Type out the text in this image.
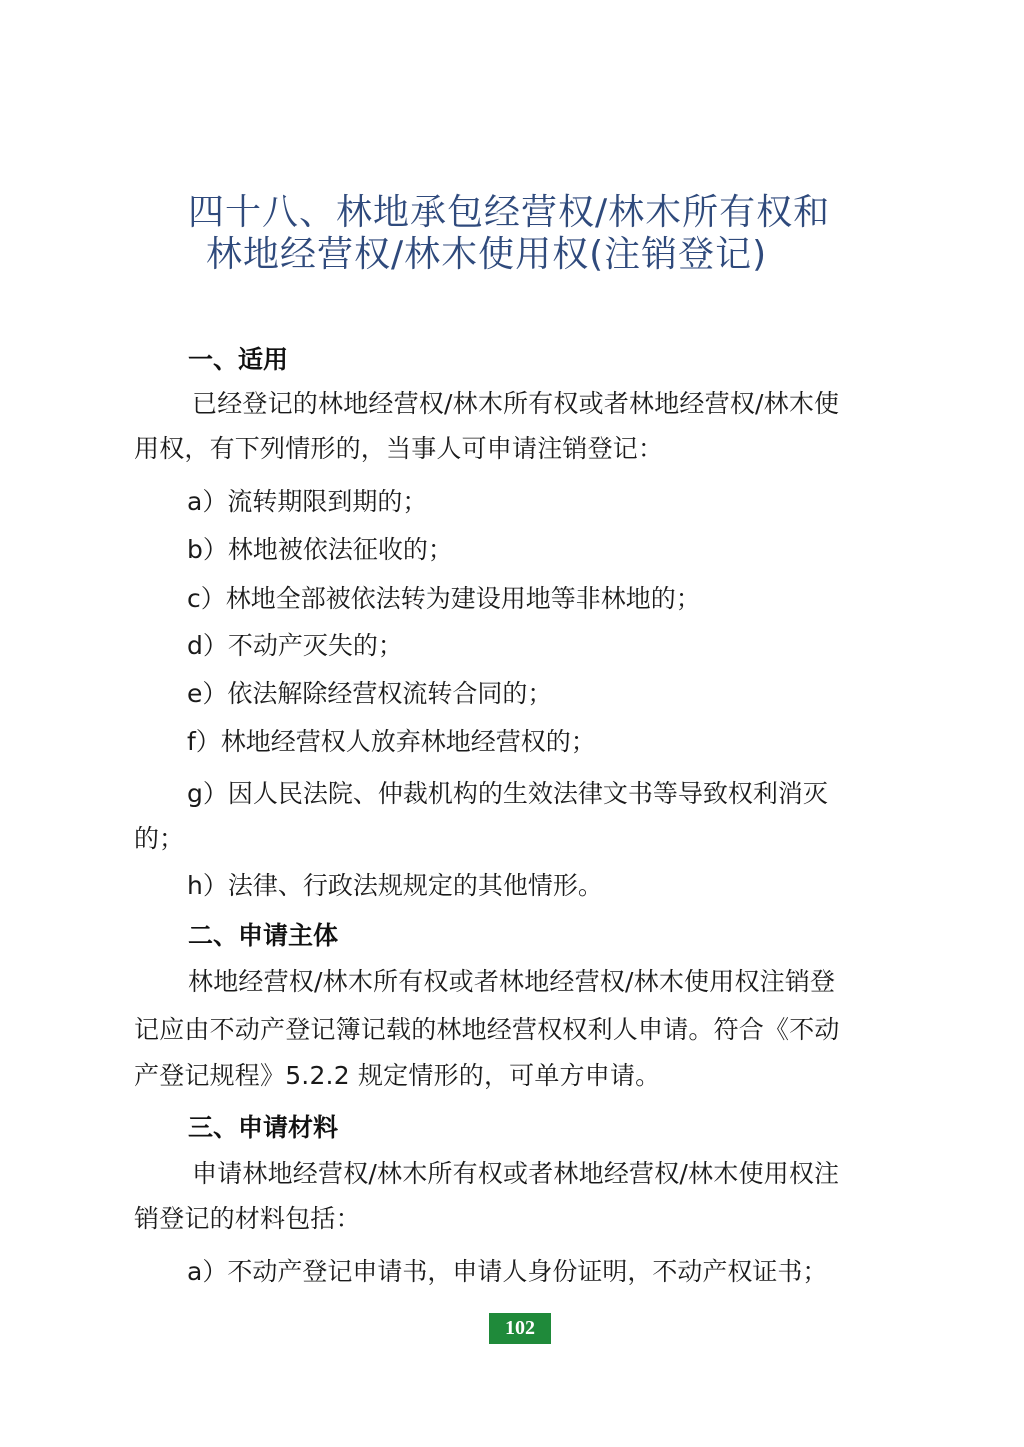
四十八、林地承包经营权/林木所有权和
林地经营权/林木使用权(注销登记)
一、适用
已经登记的林地经营权/林木所有权或者林地经营权/林木使
用权，有下列情形的，当事人可申请注销登记：
a）流转期限到期的；
b）林地被依法征收的；
c）林地全部被依法转为建设用地等非林地的；
d）不动产灭失的；
e）依法解除经营权流转合同的；
f）林地经营权人放弃林地经营权的；
g）因人民法院、仲裁机构的生效法律文书等导致权利消灭
的；
h）法律、行政法规规定的其他情形。
二、申请主体
林地经营权/林木所有权或者林地经营权/林木使用权注销登
记应由不动产登记簿记载的林地经营权权利人申请。符合《不动
产登记规程》5.2.2 规定情形的，可单方申请。
三、申请材料
申请林地经营权/林木所有权或者林地经营权/林木使用权注
销登记的材料包括：
a）不动产登记申请书，申请人身份证明，不动产权证书；
102
